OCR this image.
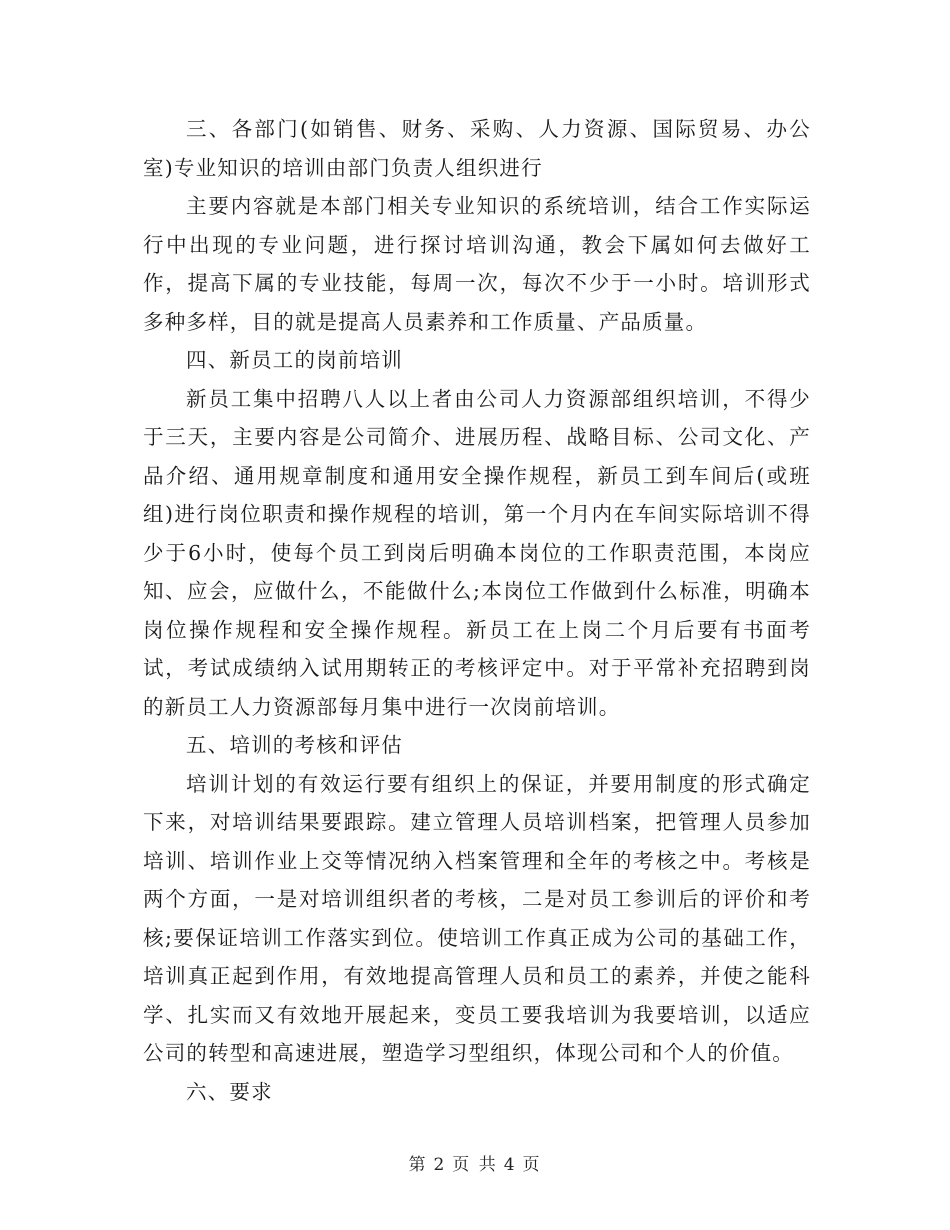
三、各部门(如销售、财务、采购、人力资源、国际贸易、办公室)专业知识的培训由部门负责人组织进行

主要内容就是本部门相关专业知识的系统培训，结合工作实际运行中出现的专业问题，进行探讨培训沟通，教会下属如何去做好工作，提高下属的专业技能，每周一次，每次不少于一小时。培训形式多种多样，目的就是提高人员素养和工作质量、产品质量。

四、新员工的岗前培训

新员工集中招聘八人以上者由公司人力资源部组织培训，不得少于三天，主要内容是公司简介、进展历程、战略目标、公司文化、产品介绍、通用规章制度和通用安全操作规程，新员工到车间后(或班组)进行岗位职责和操作规程的培训，第一个月内在车间实际培训不得少于6小时，使每个员工到岗后明确本岗位的工作职责范围，本岗应知、应会，应做什么，不能做什么;本岗位工作做到什么标准，明确本岗位操作规程和安全操作规程。新员工在上岗二个月后要有书面考试，考试成绩纳入试用期转正的考核评定中。对于平常补充招聘到岗的新员工人力资源部每月集中进行一次岗前培训。

五、培训的考核和评估

培训计划的有效运行要有组织上的保证，并要用制度的形式确定下来，对培训结果要跟踪。建立管理人员培训档案，把管理人员参加培训、培训作业上交等情况纳入档案管理和全年的考核之中。考核是两个方面，一是对培训组织者的考核，二是对员工参训后的评价和考核;要保证培训工作落实到位。使培训工作真正成为公司的基础工作，培训真正起到作用，有效地提高管理人员和员工的素养，并使之能科学、扎实而又有效地开展起来，变员工要我培训为我要培训，以适应公司的转型和高速进展，塑造学习型组织，体现公司和个人的价值。

六、要求

第 2 页 共 4 页
